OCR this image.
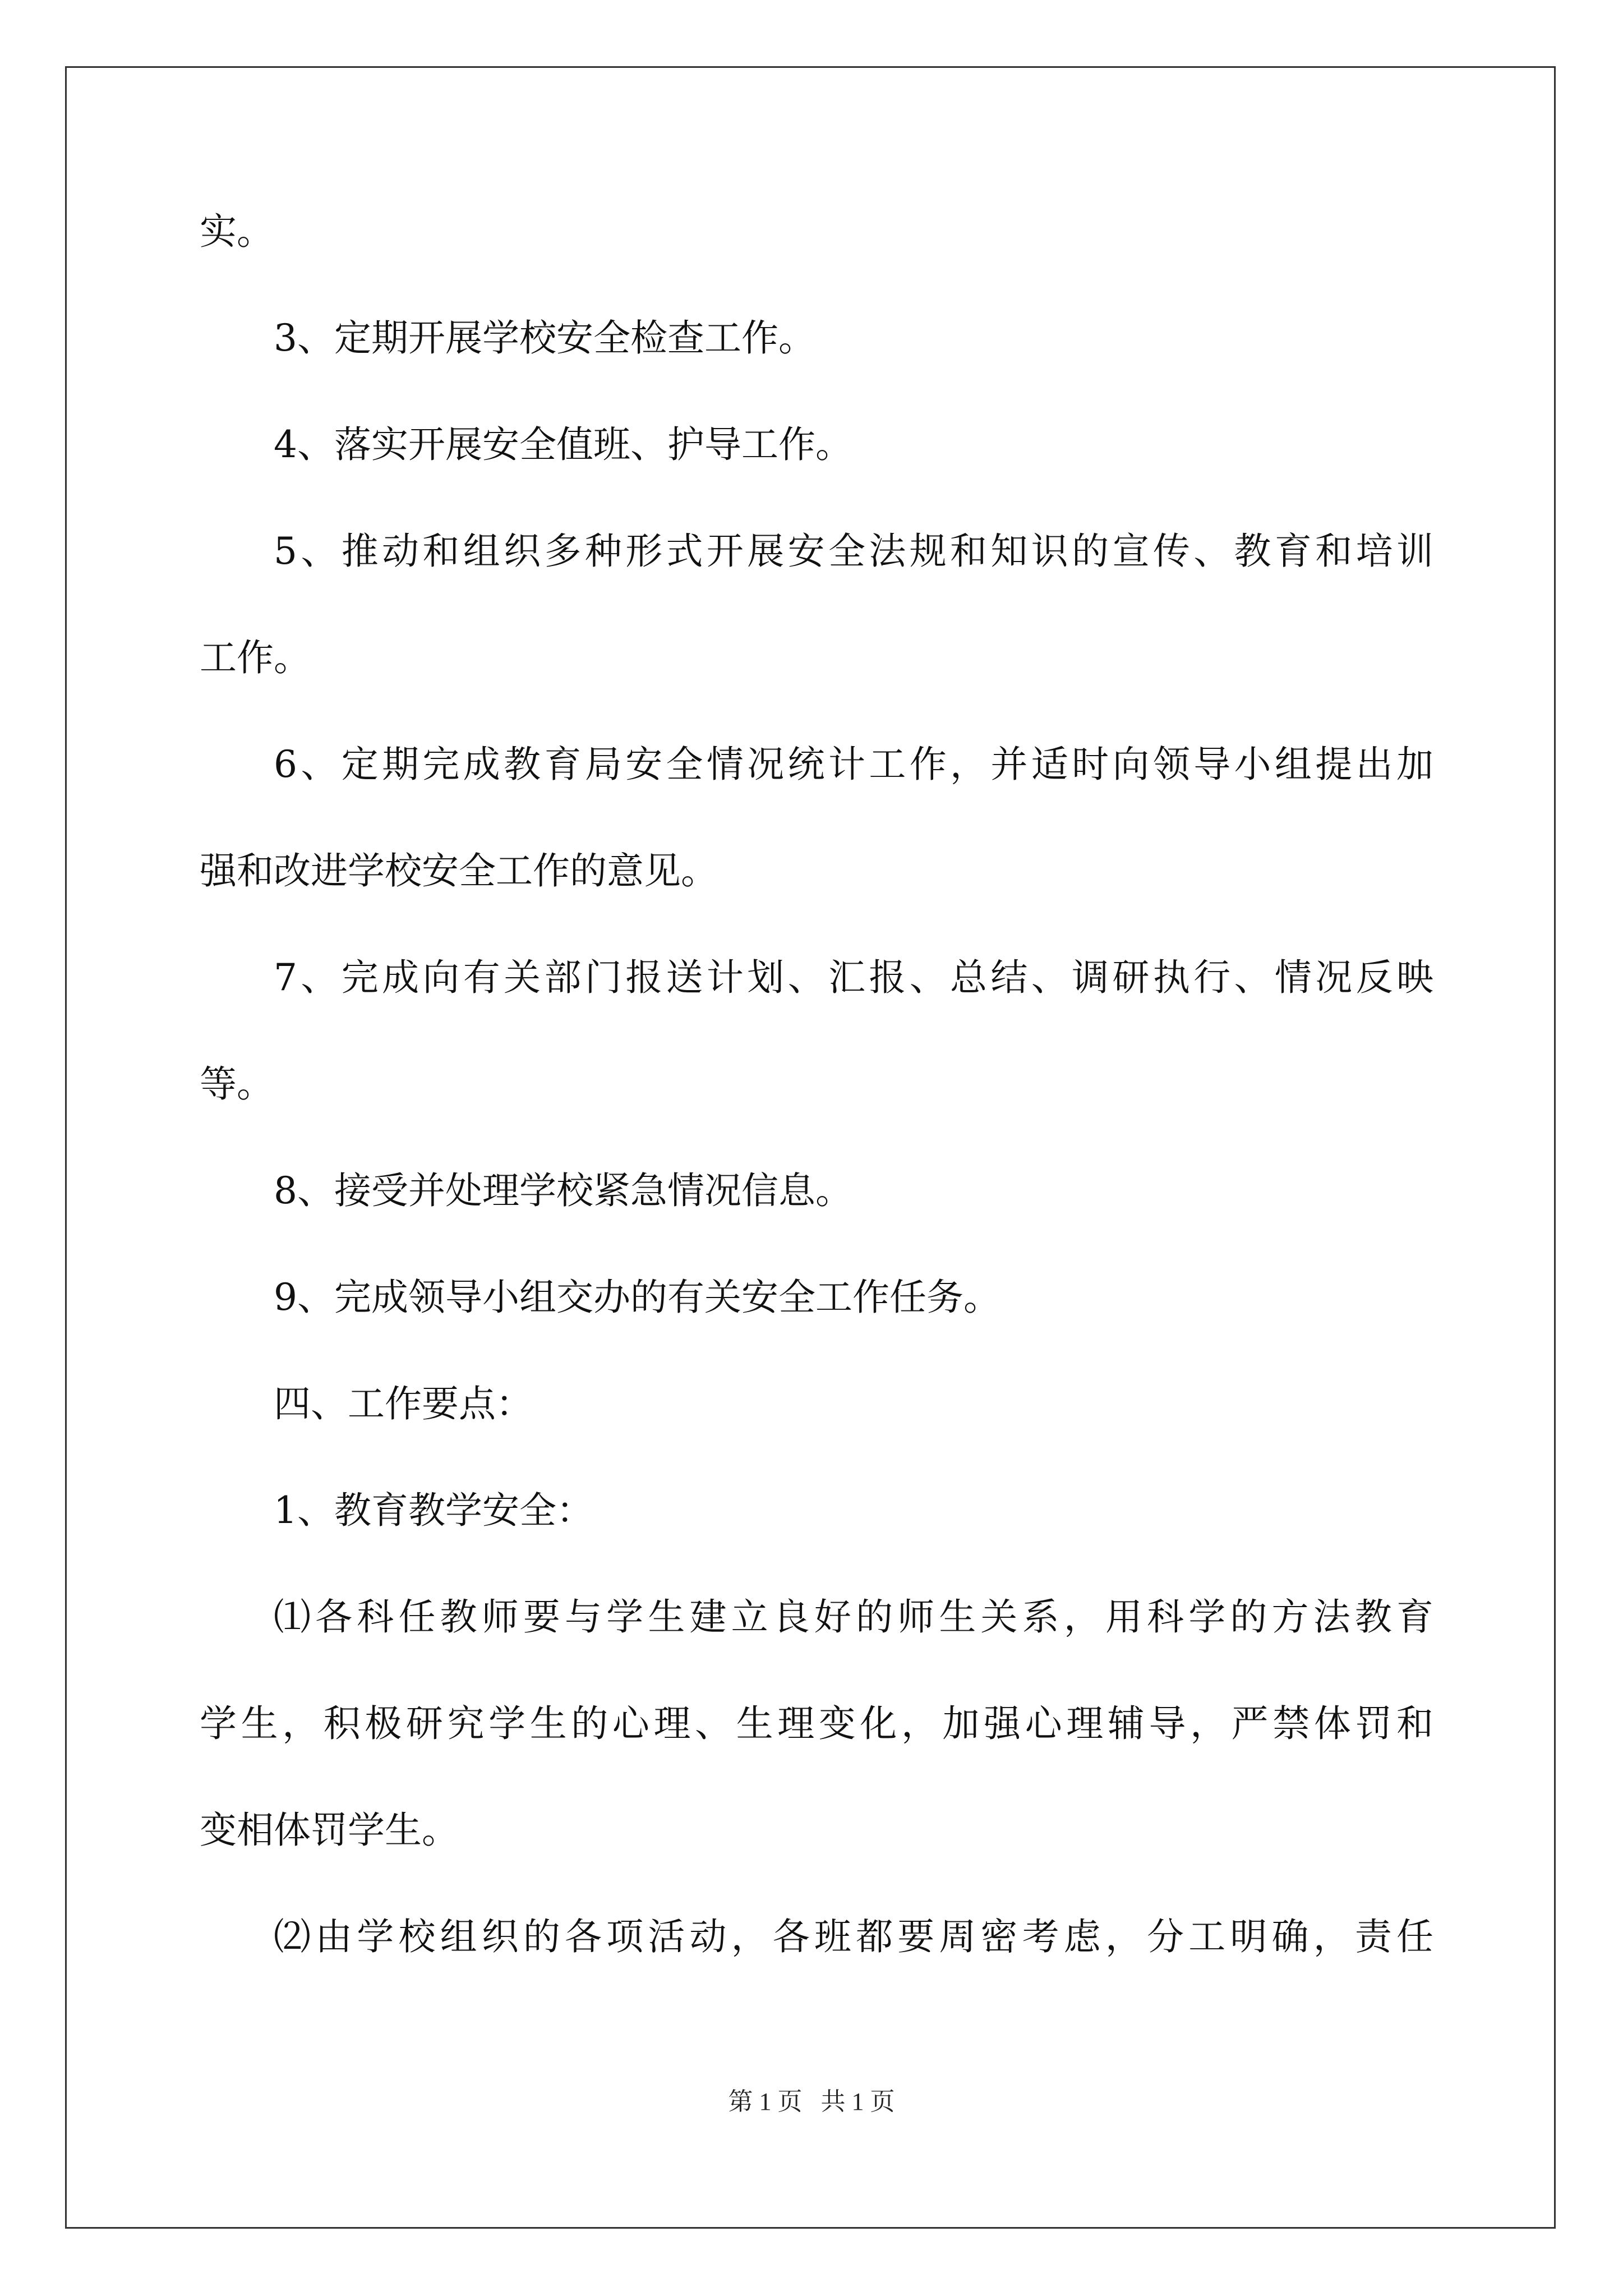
实。
3、定期开展学校安全检查工作。
4、落实开展安全值班、护导工作。
5、推动和组织多种形式开展安全法规和知识的宣传、教育和培训
工作。
6、定期完成教育局安全情况统计工作，并适时向领导小组提出加
强和改进学校安全工作的意见。
7、完成向有关部门报送计划、汇报、总结、调研执行、情况反映
等。
8、接受并处理学校紧急情况信息。
9、完成领导小组交办的有关安全工作任务。
四、工作要点：
1、教育教学安全：
⑴各科任教师要与学生建立良好的师生关系，用科学的方法教育
学生，积极研究学生的心理、生理变化，加强心理辅导，严禁体罚和
变相体罚学生。
⑵由学校组织的各项活动，各班都要周密考虑，分工明确，责任
第 1 页   共 1 页
